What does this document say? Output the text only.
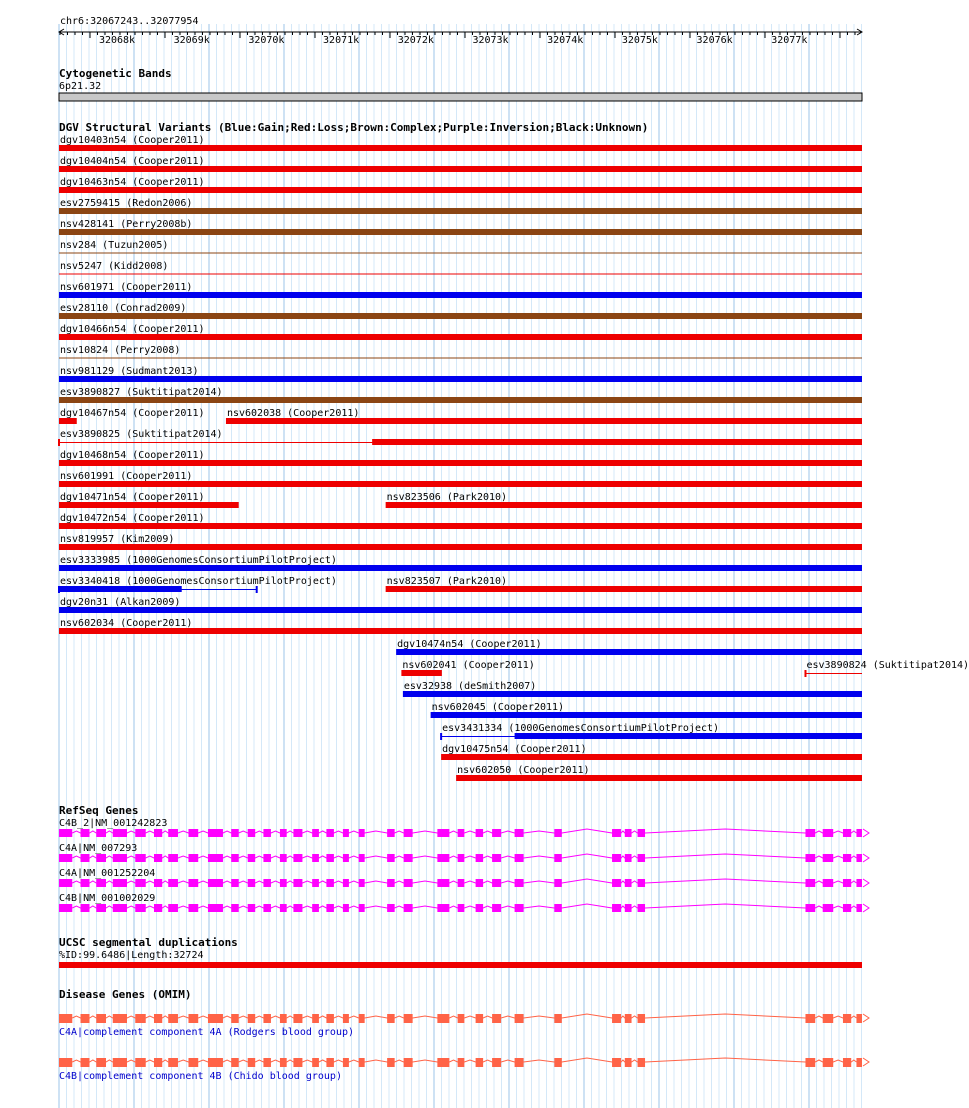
chr6:32067243..32077954
32068k	32069k	32070k	32071k	32072k	32073k	32074k	32075k	32076k	32077k
Cytogenetic Bands
6p21.32
DGV Structural Variants (Blue:Gain;Red:Loss;Brown:Complex;Purple:Inversion;Black:Unknown)
dgv10403n54 (Cooper2011)
dgv10404n54 (Cooper2011)
dgv10463n54 (Cooper2011)
esv2759415 (Redon2006)
nsv428141 (Perry2008b)
nsv284 (Tuzun2005)
nsv5247 (Kidd2008)
nsv601971 (Cooper2011)
esv28110 (Conrad2009)
dgv10466n54 (Cooper2011)
nsv10824 (Perry2008)
nsv981129 (Sudmant2013)
esv3890827 (Suktitipat2014)
dgv10467n54 (Cooper2011) nsv602038 (Cooper2011)
esv3890825 (Suktitipat2014)
dgv10468n54 (Cooper2011)
nsv601991 (Cooper2011)
dgv10471n54 (Cooper2011)	nsv823506 (Park2010)
dgv10472n54 (Cooper2011)
nsv819957 (Kim2009)
esv3333985 (1000GenomesConsortiumPilotProject)
esv3340418 (1000GenomesConsortiumPilotProject)	nsv823507 (Park2010)
dgv20n31 (Alkan2009)
nsv602034 (Cooper2011)
dgv10474n54 (Cooper2011)
nsv602041 (Cooper2011)	esv3890824 (Suktitipat2014)
esv32938 (deSmith2007)
nsv602045 (Cooper2011)
esv3431334 (1000GenomesConsortiumPilotProject)
dgv10475n54 (Cooper2011)
nsv602050 (Cooper2011)
RefSeq Genes
C4B_2|NM_001242823
C4A|NM_007293
C4A|NM_001252204
C4B|NM_001002029
UCSC segmental duplications
%ID:99.6486|Length:32724
Disease Genes (OMIM)
C4A|complement component 4A (Rodgers blood group)
C4B|complement component 4B (Chido blood group)
